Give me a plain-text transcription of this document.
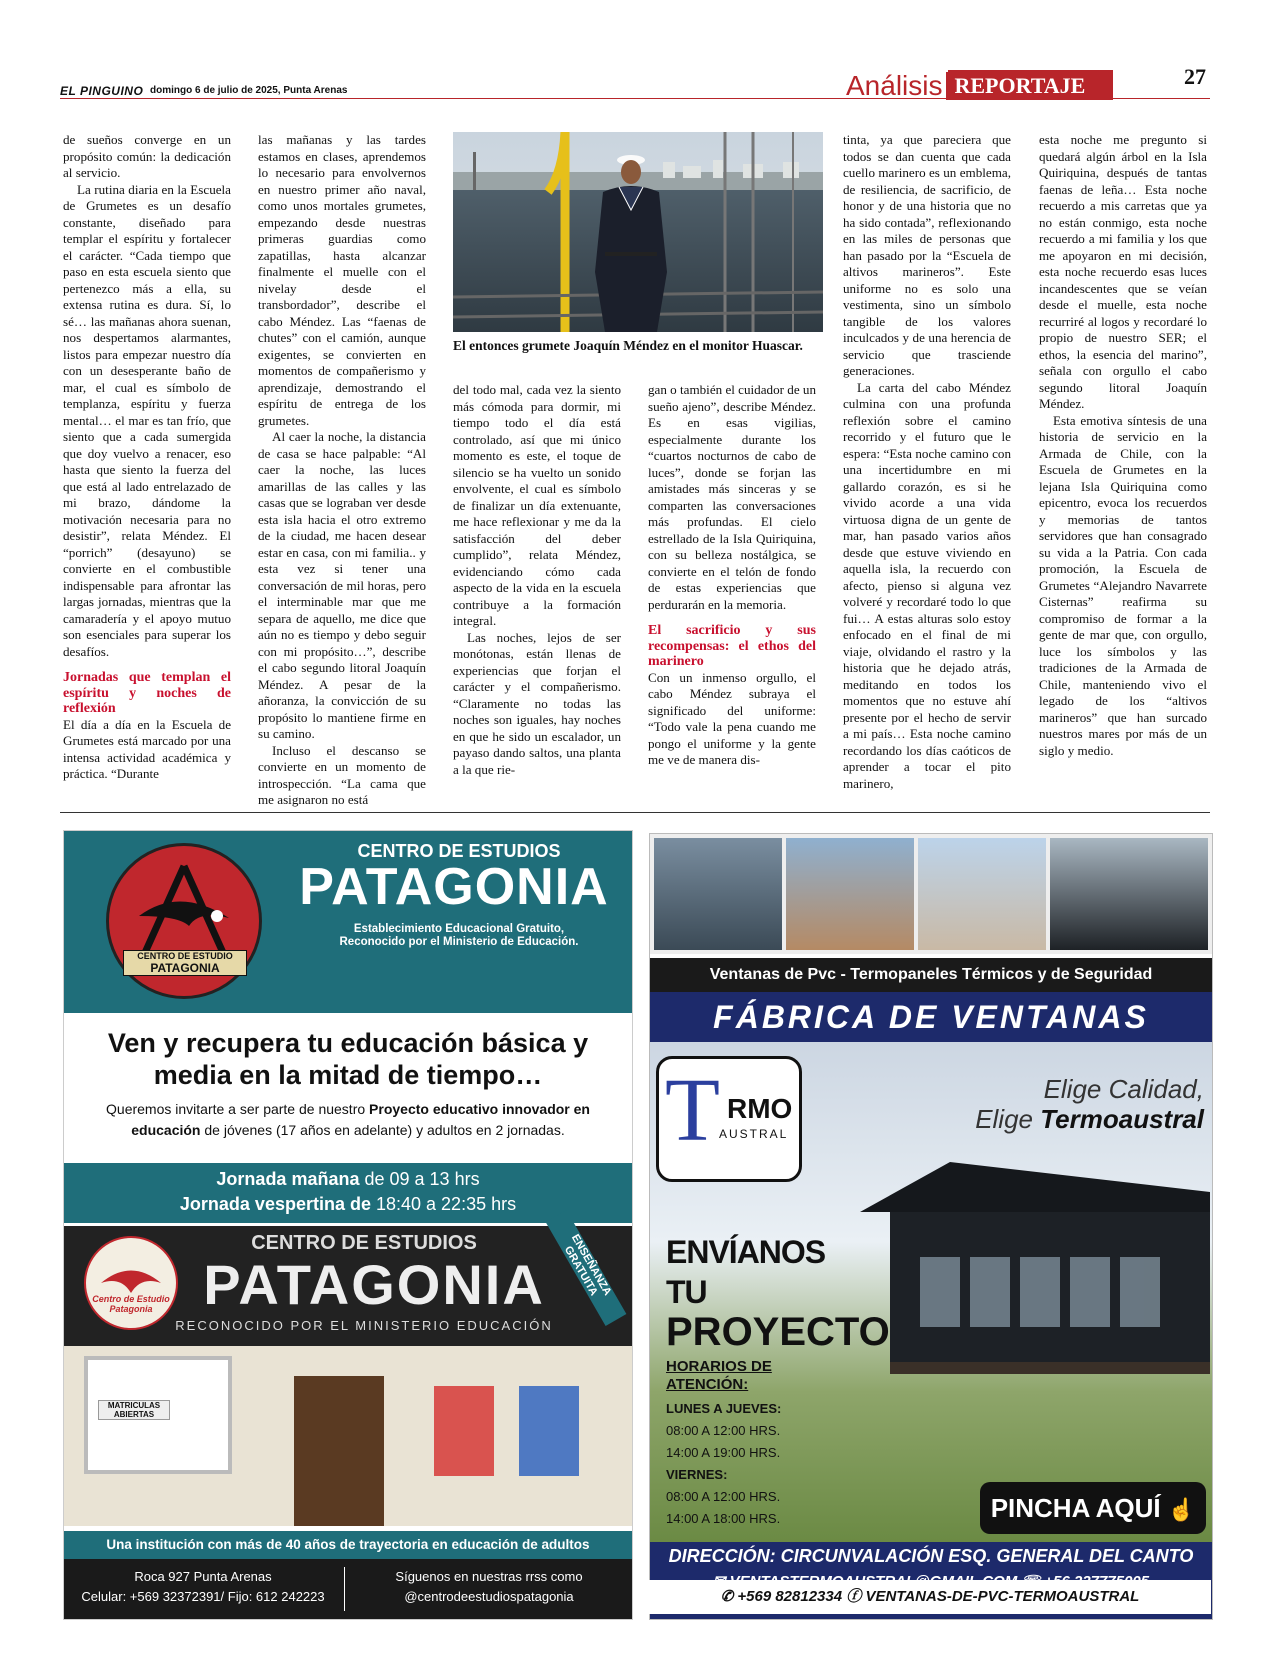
EL PINGUINO domingo 6 de julio de 2025, Punta Arenas	Análisis REPORTAJE	27

de sueños converge en un propósito común: la dedicación al servicio.

La rutina diaria en la Escuela de Grumetes es un desafío constante, diseñado para templar el espíritu y fortalecer el carácter. “Cada tiempo que paso en esta escuela siento que pertenezco más a ella, su extensa rutina es dura. Sí, lo sé… las mañanas ahora suenan, nos despertamos alarmantes, listos para empezar nuestro día con un desesperante baño de mar, el cual es símbolo de templanza, espíritu y fuerza mental… el mar es tan frío, que siento que a cada sumergida que doy vuelvo a renacer, eso hasta que siento la fuerza del que está al lado entrelazado de mi brazo, dándome la motivación necesaria para no desistir”, relata Méndez. El “porrich” (desayuno) se convierte en el combustible indispensable para afrontar las largas jornadas, mientras que la camaradería y el apoyo mutuo son esenciales para superar los desafíos.

Jornadas que templan el espíritu y noches de reflexión

El día a día en la Escuela de Grumetes está marcado por una intensa actividad académica y práctica. “Durante

las mañanas y las tardes estamos en clases, aprendemos lo necesario para envolvernos en nuestro primer año naval, como unos mortales grumetes, empezando desde nuestras primeras guardias como zapatillas, hasta alcanzar finalmente el muelle con el nivelay desde el transbordador”, describe el cabo Méndez. Las “faenas de chutes” con el camión, aunque exigentes, se convierten en momentos de compañerismo y aprendizaje, demostrando el espíritu de entrega de los grumetes.

Al caer la noche, la distancia de casa se hace palpable: “Al caer la noche, las luces amarillas de las calles y las casas que se lograban ver desde esta isla hacia el otro extremo de la ciudad, me hacen desear estar en casa, con mi familia.. y esta vez si tener una conversación de mil horas, pero el interminable mar que me separa de aquello, me dice que aún no es tiempo y debo seguir con mi propósito…”, describe el cabo segundo litoral Joaquín Méndez. A pesar de la añoranza, la convicción de su propósito lo mantiene firme en su camino.

Incluso el descanso se convierte en un momento de introspección. “La cama que me asignaron no está

El entonces grumete Joaquín Méndez en el monitor Huascar.

del todo mal, cada vez la siento más cómoda para dormir, mi tiempo todo el día está controlado, así que mi único momento es este, el toque de silencio se ha vuelto un sonido envolvente, el cual es símbolo de finalizar un día extenuante, me hace reflexionar y me da la satisfacción del deber cumplido”, relata Méndez, evidenciando cómo cada aspecto de la vida en la escuela contribuye a la formación integral.

Las noches, lejos de ser monótonas, están llenas de experiencias que forjan el carácter y el compañerismo. “Claramente no todas las noches son iguales, hay noches en que he sido un escalador, un payaso dando saltos, una planta a la que rie-

gan o también el cuidador de un sueño ajeno”, describe Méndez. Es en esas vigilias, especialmente durante los “cuartos nocturnos de cabo de luces”, donde se forjan las amistades más sinceras y se comparten las conversaciones más profundas. El cielo estrellado de la Isla Quiriquina, con su belleza nostálgica, se convierte en el telón de fondo de estas experiencias que perdurarán en la memoria.

El sacrificio y sus recompensas: el ethos del marinero

Con un inmenso orgullo, el cabo Méndez subraya el significado del uniforme: “Todo vale la pena cuando me pongo el uniforme y la gente me ve de manera dis-

tinta, ya que pareciera que todos se dan cuenta que cada cuello marinero es un emblema, de resiliencia, de sacrificio, de honor y de una historia que no ha sido contada”, reflexionando en las miles de personas que han pasado por la “Escuela de altivos marineros”. Este uniforme no es solo una vestimenta, sino un símbolo tangible de los valores inculcados y de una herencia de servicio que trasciende generaciones.

La carta del cabo Méndez culmina con una profunda reflexión sobre el camino recorrido y el futuro que le espera: “Esta noche camino con una incertidumbre en mi gallardo corazón, es si he vivido acorde a una vida virtuosa digna de un gente de mar, han pasado varios años desde que estuve viviendo en aquella isla, la recuerdo con afecto, pienso si alguna vez volveré y recordaré todo lo que fui… A estas alturas solo estoy enfocado en el final de mi viaje, olvidando el rastro y la historia que he dejado atrás, meditando en todos los momentos que no estuve ahí presente por el hecho de servir a mi país… Esta noche camino recordando los días caóticos de aprender a tocar el pito marinero,

esta noche me pregunto si quedará algún árbol en la Isla Quiriquina, después de tantas faenas de leña… Esta noche recuerdo a mis carretas que ya no están conmigo, esta noche recuerdo a mi familia y los que me apoyaron en mi decisión, esta noche recuerdo esas luces incandescentes que se veían desde el muelle, esta noche recurriré al logos y recordaré lo propio de nuestro SER; el ethos, la esencia del marino”, señala con orgullo el cabo segundo litoral Joaquín Méndez.

Esta emotiva síntesis de una historia de servicio en la Armada de Chile, con la Escuela de Grumetes en la lejana Isla Quiriquina como epicentro, evoca los recuerdos y memorias de tantos servidores que han consagrado su vida a la Patria. Con cada promoción, la Escuela de Grumetes “Alejandro Navarrete Cisternas” reafirma su compromiso de formar a la gente de mar que, con orgullo, luce los símbolos y las tradiciones de la Armada de Chile, manteniendo vivo el legado de los “altivos marineros” que han surcado nuestros mares por más de un siglo y medio.

CENTRO DE ESTUDIO
PATAGONIA
CENTRO DE ESTUDIOS
PATAGONIA
Establecimiento Educacional Gratuito,
Reconocido por el Ministerio de Educación.
Ven y recupera tu educación básica y
media en la mitad de tiempo…
Queremos invitarte a ser parte de nuestro Proyecto educativo innovador en educación de jóvenes (17 años en adelante) y adultos en 2 jornadas.
Jornada mañana de 09 a 13 hrs
Jornada vespertina de 18:40 a 22:35 hrs
Centro de Estudio
Patagonia
CENTRO DE ESTUDIOS
PATAGONIA
RECONOCIDO POR EL MINISTERIO EDUCACIÓN
ENSEÑANZA GRATUITA
MATRICULAS
ABIERTAS
Una institución con más de 40 años de trayectoria en educación de adultos
Roca 927 Punta Arenas
Celular: +569 32372391/ Fijo: 612 242223
Síguenos en nuestras rrss como
@centrodeestudiospatagonia
Ventanas de Pvc - Termopaneles Térmicos y de Seguridad
FÁBRICA DE VENTANAS
T RMO
AUSTRAL
Elige Calidad,
Elige Termoaustral
ENVÍANOS TU
PROYECTO
HORARIOS DE ATENCIÓN:
LUNES A JUEVES:
08:00 A 12:00 HRS.
14:00 A 19:00 HRS.
VIERNES:
08:00 A 12:00 HRS.
14:00 A 18:00 HRS.	PINCHA AQUÍ ☝
DIRECCIÓN: CIRCUNVALACIÓN ESQ. GENERAL DEL CANTO
✆ +569 82812334 ⓕ VENTANAS-DE-PVC-TERMOAUSTRAL
